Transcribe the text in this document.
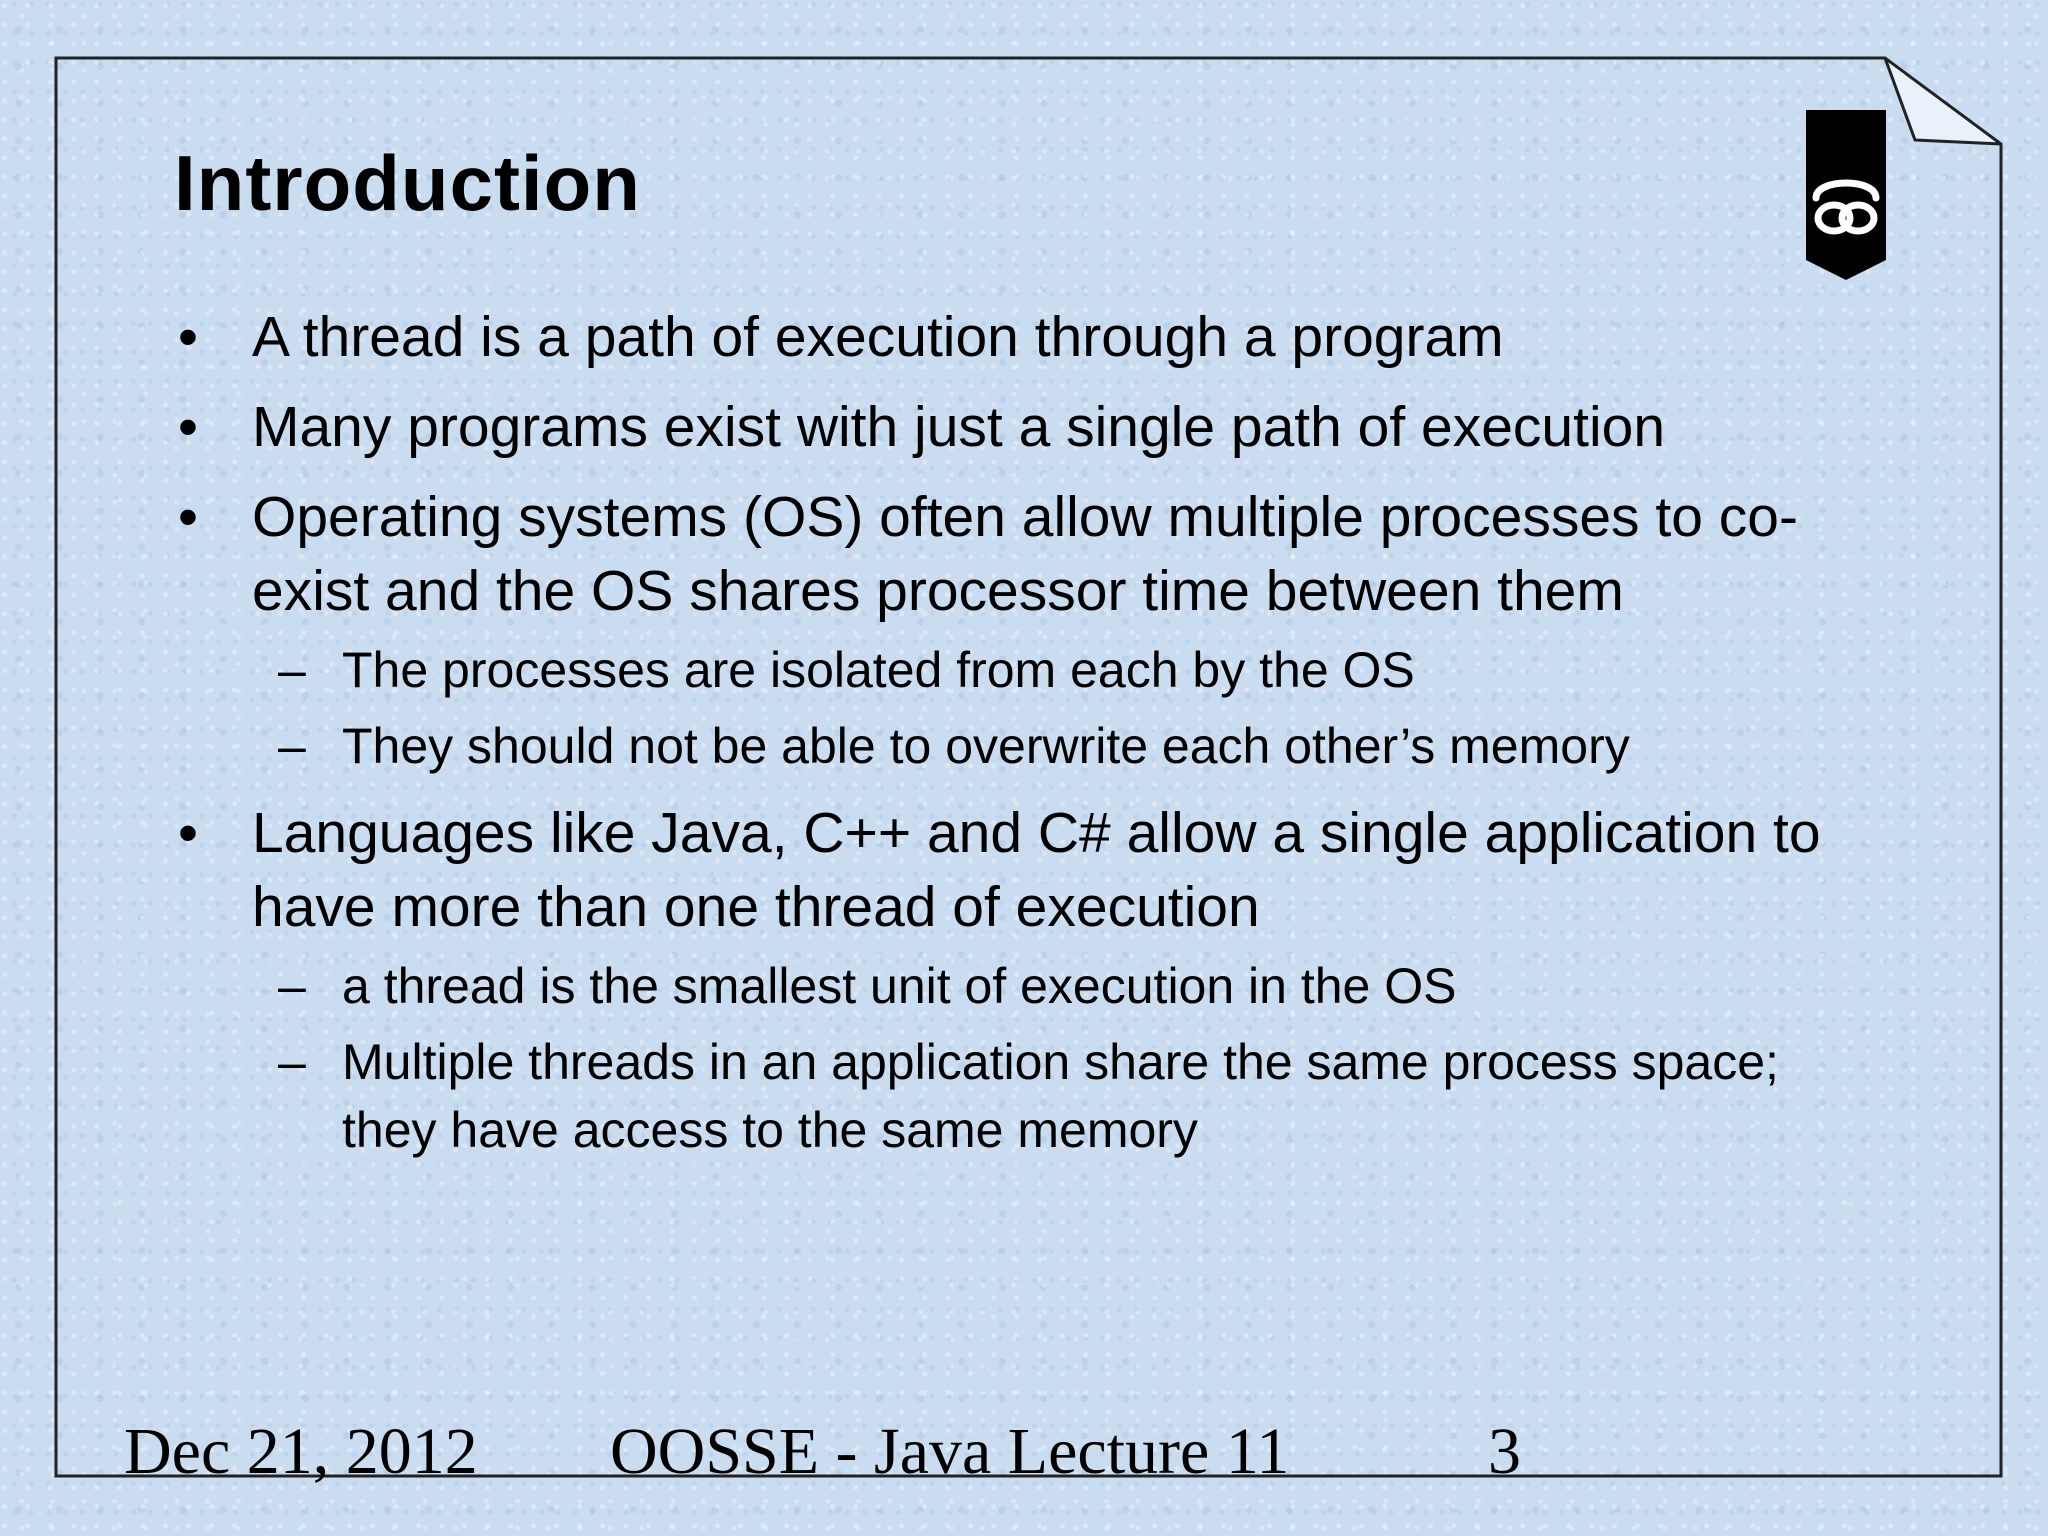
Introduction
• A thread is a path of execution through a program
• Many programs exist with just a single path of execution
• Operating systems (OS) often allow multiple processes to co-exist and the OS shares processor time between them
– The processes are isolated from each by the OS
– They should not be able to overwrite each other’s memory
• Languages like Java, C++ and C# allow a single application to have more than one thread of execution
– a thread is the smallest unit of execution in the OS
– Multiple threads in an application share the same process space; they have access to the same memory
Dec 21, 2012 OOSSE - Java Lecture 11	3
